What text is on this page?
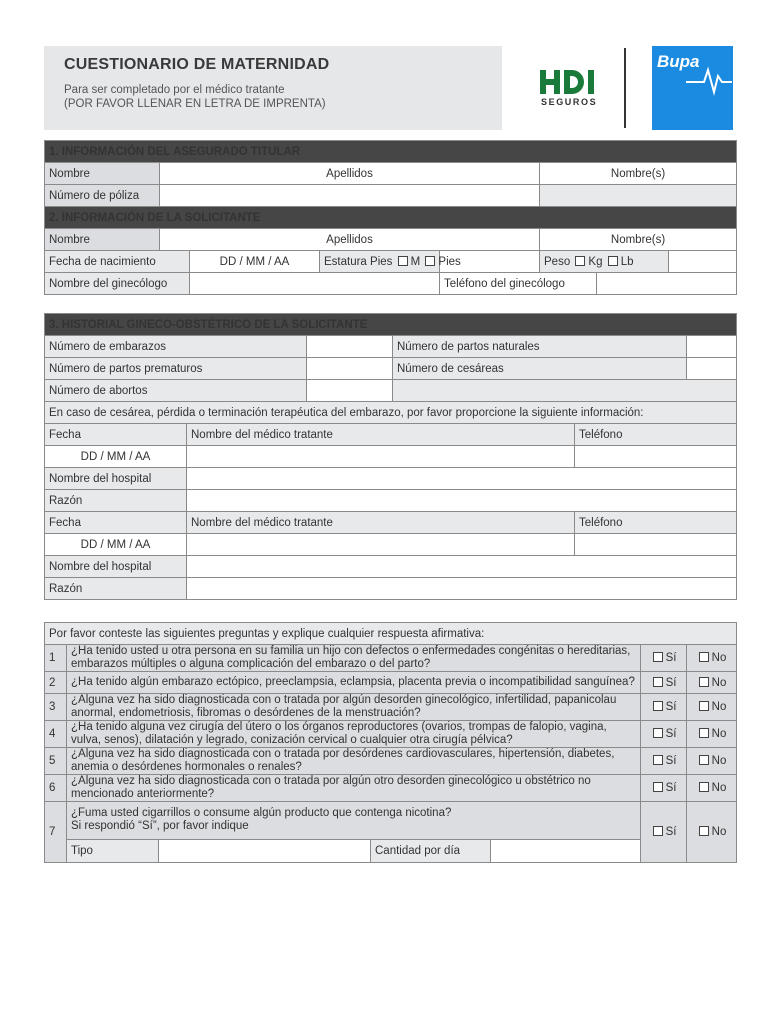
CUESTIONARIO DE MATERNIDAD
Para ser completado por el médico tratante
(POR FAVOR LLENAR EN LETRA DE IMPRENTA)	SEGUROS
Bupa
1. INFORMACIÓN DEL ASEGURADO TITULAR							
Nombre	Apellidos				Nombre(s)		
Número de póliza							
2. INFORMACIÓN DE LA SOLICITANTE							
Nombre	Apellidos				Nombre(s)		
Fecha de nacimiento		DD / MM / AA	Estatura Pies M Pies		Peso Kg Lb		
Nombre del ginecólogo				Teléfono del ginecólogo			
3. HISTORIAL GINECO-OBSTÉTRICO DE LA SOLICITANTE					
Número de embarazos			Número de partos naturales		
Número de partos prematuros			Número de cesáreas		
Número de abortos					
En caso de cesárea, pérdida o terminación terapéutica del embarazo, por favor proporcione la siguiente información:					
Fecha	Nombre del médico tratante			Teléfono	
DD / MM / AA					
Nombre del hospital					
Razón					
Fecha	Nombre del médico tratante			Teléfono	
DD / MM / AA					
Nombre del hospital					
Razón					
Por favor conteste las siguientes preguntas y explique cualquier respuesta afirmativa:						
1	¿Ha tenido usted u otra persona en su familia un hijo con defectos o enfermedades congénitas o hereditarias, embarazos múltiples o alguna complicación del embarazo o del parto?				Sí	No
2	¿Ha tenido algún embarazo ectópico, preeclampsia, eclampsia, placenta previa o incompatibilidad sanguínea?				Sí	No
3	¿Alguna vez ha sido diagnosticada con o tratada por algún desorden ginecológico, infertilidad, papanicolau anormal, endometriosis, fibromas o desórdenes de la menstruación?				Sí	No
4	¿Ha tenido alguna vez cirugía del útero o los órganos reproductores (ovarios, trompas de falopio, vagina, vulva, senos), dilatación y legrado, conización cervical o cualquier otra cirugía pélvica?				Sí	No
5	¿Alguna vez ha sido diagnosticada con o tratada por desórdenes cardiovasculares, hipertensión, diabetes, anemia o desórdenes hormonales o renales?				Sí	No
6	¿Alguna vez ha sido diagnosticada con o tratada por algún otro desorden ginecológico u obstétrico no mencionado anteriormente?				Sí	No
7	¿Fuma usted cigarrillos o consume algún producto que contenga nicotina?
Si respondió “Sí”, por favor indique				Sí	No
	Tipo		Cantidad por día			
